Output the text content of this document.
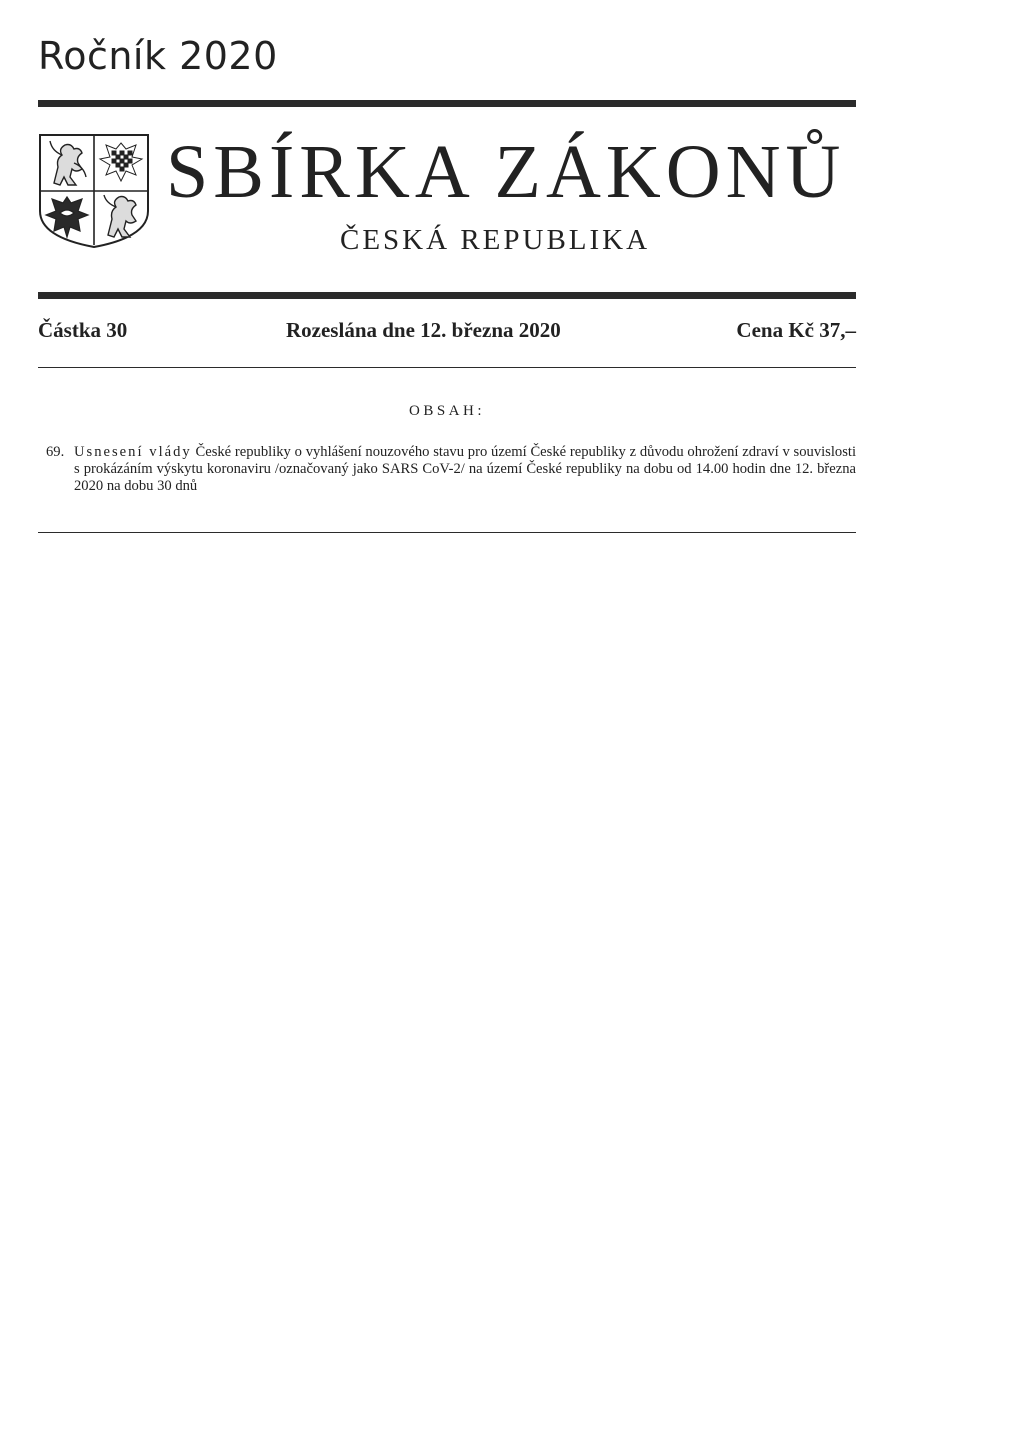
Ročník 2020
SBÍRKA ZÁKONŮ
ČESKÁ REPUBLIKA
Částka 30	Rozeslána dne 12. března 2020	Cena Kč 37,–
OBSAH:
69. Usnesení vlády České republiky o vyhlášení nouzového stavu pro území České republiky z důvodu ohrožení zdraví v souvislosti s prokázáním výskytu koronaviru /označovaný jako SARS CoV-2/ na území České republiky na dobu od 14.00 hodin dne 12. března 2020 na dobu 30 dnů
